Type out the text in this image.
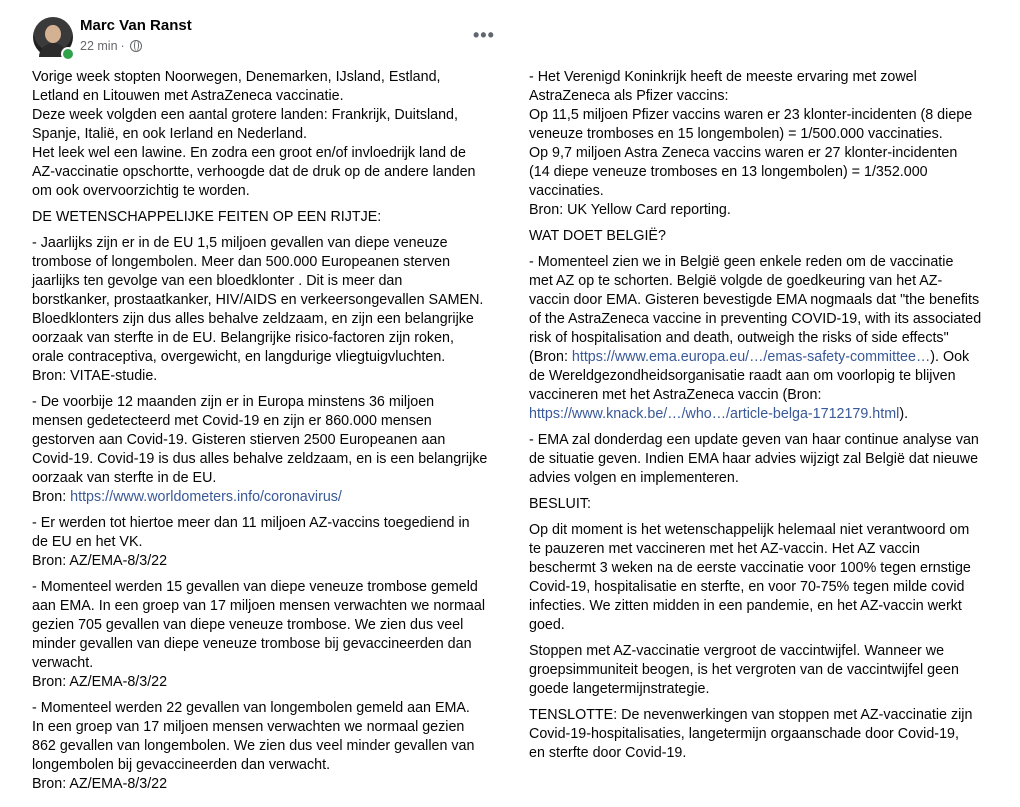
Marc Van Ranst
22 min ·
•••

Vorige week stopten Noorwegen, Denemarken, IJsland, Estland,
Letland en Litouwen met AstraZeneca vaccinatie.
Deze week volgden een aantal grotere landen: Frankrijk, Duitsland,
Spanje, Italië, en ook Ierland en Nederland.
Het leek wel een lawine. En zodra een groot en/of invloedrijk land de
AZ-vaccinatie opschortte, verhoogde dat de druk op de andere landen
om ook overvoorzichtig te worden.

DE WETENSCHAPPELIJKE FEITEN OP EEN RIJTJE:

- Jaarlijks zijn er in de EU 1,5 miljoen gevallen van diepe veneuze
trombose of longembolen. Meer dan 500.000 Europeanen sterven
jaarlijks ten gevolge van een bloedklonter . Dit is meer dan
borstkanker, prostaatkanker, HIV/AIDS en verkeersongevallen SAMEN.
Bloedklonters zijn dus alles behalve zeldzaam, en zijn een belangrijke
oorzaak van sterfte in de EU. Belangrijke risico-factoren zijn roken,
orale contraceptiva, overgewicht, en langdurige vliegtuigvluchten.
Bron: VITAE-studie.

- De voorbije 12 maanden zijn er in Europa minstens 36 miljoen
mensen gedetecteerd met Covid-19 en zijn er 860.000 mensen
gestorven aan Covid-19. Gisteren stierven 2500 Europeanen aan
Covid-19. Covid-19 is dus alles behalve zeldzaam, en is een belangrijke
oorzaak van sterfte in de EU.
Bron: https://www.worldometers.info/coronavirus/

- Er werden tot hiertoe meer dan 11 miljoen AZ-vaccins toegediend in
de EU en het VK.
Bron: AZ/EMA-8/3/22

- Momenteel werden 15 gevallen van diepe veneuze trombose gemeld
aan EMA. In een groep van 17 miljoen mensen verwachten we normaal
gezien 705 gevallen van diepe veneuze trombose. We zien dus veel
minder gevallen van diepe veneuze trombose bij gevaccineerden dan
verwacht.
Bron: AZ/EMA-8/3/22

- Momenteel werden 22 gevallen van longembolen gemeld aan EMA.
In een groep van 17 miljoen mensen verwachten we normaal gezien
862 gevallen van longembolen. We zien dus veel minder gevallen van
longembolen bij gevaccineerden dan verwacht.
Bron: AZ/EMA-8/3/22

- Het Verenigd Koninkrijk heeft de meeste ervaring met zowel
AstraZeneca als Pfizer vaccins:
Op 11,5 miljoen Pfizer vaccins waren er 23 klonter-incidenten (8 diepe
veneuze tromboses en 15 longembolen) = 1/500.000 vaccinaties.
Op 9,7 miljoen Astra Zeneca vaccins waren er 27 klonter-incidenten
(14 diepe veneuze tromboses en 13 longembolen) = 1/352.000
vaccinaties.
Bron: UK Yellow Card reporting.

WAT DOET BELGIË?

- Momenteel zien we in België geen enkele reden om de vaccinatie
met AZ op te schorten. België volgde de goedkeuring van het AZ-
vaccin door EMA. Gisteren bevestigde EMA nogmaals dat "the benefits
of the AstraZeneca vaccine in preventing COVID-19, with its associated
risk of hospitalisation and death, outweigh the risks of side effects"
(Bron: https://www.ema.europa.eu/…/emas-safety-committee…). Ook
de Wereldgezondheidsorganisatie raadt aan om voorlopig te blijven
vaccineren met het AstraZeneca vaccin (Bron:
https://www.knack.be/…/who…/article-belga-1712179.html).

- EMA zal donderdag een update geven van haar continue analyse van
de situatie geven. Indien EMA haar advies wijzigt zal België dat nieuwe
advies volgen en implementeren.

BESLUIT:

Op dit moment is het wetenschappelijk helemaal niet verantwoord om
te pauzeren met vaccineren met het AZ-vaccin. Het AZ vaccin
beschermt 3 weken na de eerste vaccinatie voor 100% tegen ernstige
Covid-19, hospitalisatie en sterfte, en voor 70-75% tegen milde covid
infecties. We zitten midden in een pandemie, en het AZ-vaccin werkt
goed.

Stoppen met AZ-vaccinatie vergroot de vaccintwijfel. Wanneer we
groepsimmuniteit beogen, is het vergroten van de vaccintwijfel geen
goede langetermijnstrategie.

TENSLOTTE: De nevenwerkingen van stoppen met AZ-vaccinatie zijn
Covid-19-hospitalisaties, langetermijn orgaanschade door Covid-19,
en sterfte door Covid-19.
